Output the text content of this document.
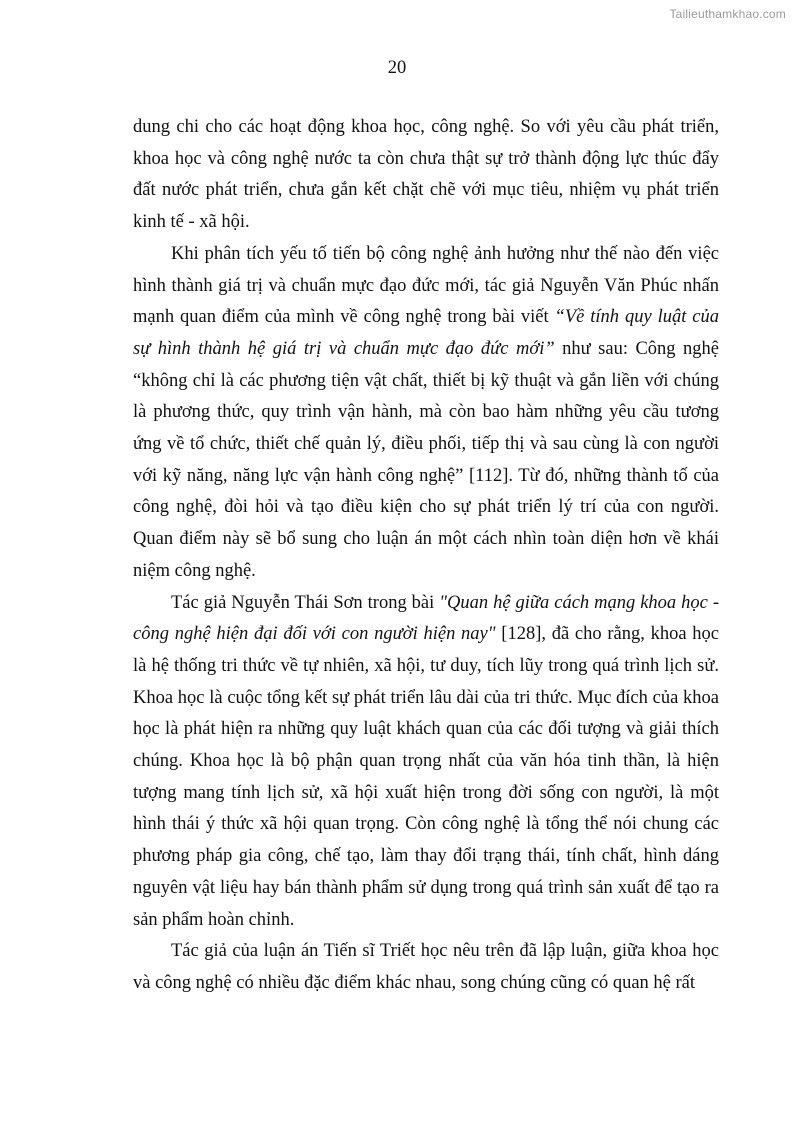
Tailieuthamkhao.com
20

dung chi cho các hoạt động khoa học, công nghệ. So với yêu cầu phát triển, khoa học và công nghệ nước ta còn chưa thật sự trở thành động lực thúc đẩy đất nước phát triển, chưa gắn kết chặt chẽ với mục tiêu, nhiệm vụ phát triển kinh tế - xã hội.

Khi phân tích yếu tố tiến bộ công nghệ ảnh hưởng như thế nào đến việc hình thành giá trị và chuẩn mực đạo đức mới, tác giả Nguyễn Văn Phúc nhấn mạnh quan điểm của mình về công nghệ trong bài viết “Về tính quy luật của sự hình thành hệ giá trị và chuẩn mực đạo đức mới” như sau: Công nghệ “không chỉ là các phương tiện vật chất, thiết bị kỹ thuật và gắn liền với chúng là phương thức, quy trình vận hành, mà còn bao hàm những yêu cầu tương ứng về tổ chức, thiết chế quản lý, điều phối, tiếp thị và sau cùng là con người với kỹ năng, năng lực vận hành công nghệ” [112]. Từ đó, những thành tố của công nghệ, đòi hỏi và tạo điều kiện cho sự phát triển lý trí của con người. Quan điểm này sẽ bổ sung cho luận án một cách nhìn toàn diện hơn về khái niệm công nghệ.

Tác giả Nguyễn Thái Sơn trong bài "Quan hệ giữa cách mạng khoa học - công nghệ hiện đại đối với con người hiện nay" [128], đã cho rằng, khoa học là hệ thống tri thức về tự nhiên, xã hội, tư duy, tích lũy trong quá trình lịch sử. Khoa học là cuộc tổng kết sự phát triển lâu dài của tri thức. Mục đích của khoa học là phát hiện ra những quy luật khách quan của các đối tượng và giải thích chúng. Khoa học là bộ phận quan trọng nhất của văn hóa tinh thần, là hiện tượng mang tính lịch sử, xã hội xuất hiện trong đời sống con người, là một hình thái ý thức xã hội quan trọng. Còn công nghệ là tổng thể nói chung các phương pháp gia công, chế tạo, làm thay đổi trạng thái, tính chất, hình dáng nguyên vật liệu hay bán thành phẩm sử dụng trong quá trình sản xuất để tạo ra sản phẩm hoàn chỉnh.

Tác giả của luận án Tiến sĩ Triết học nêu trên đã lập luận, giữa khoa học và công nghệ có nhiều đặc điểm khác nhau, song chúng cũng có quan hệ rất
